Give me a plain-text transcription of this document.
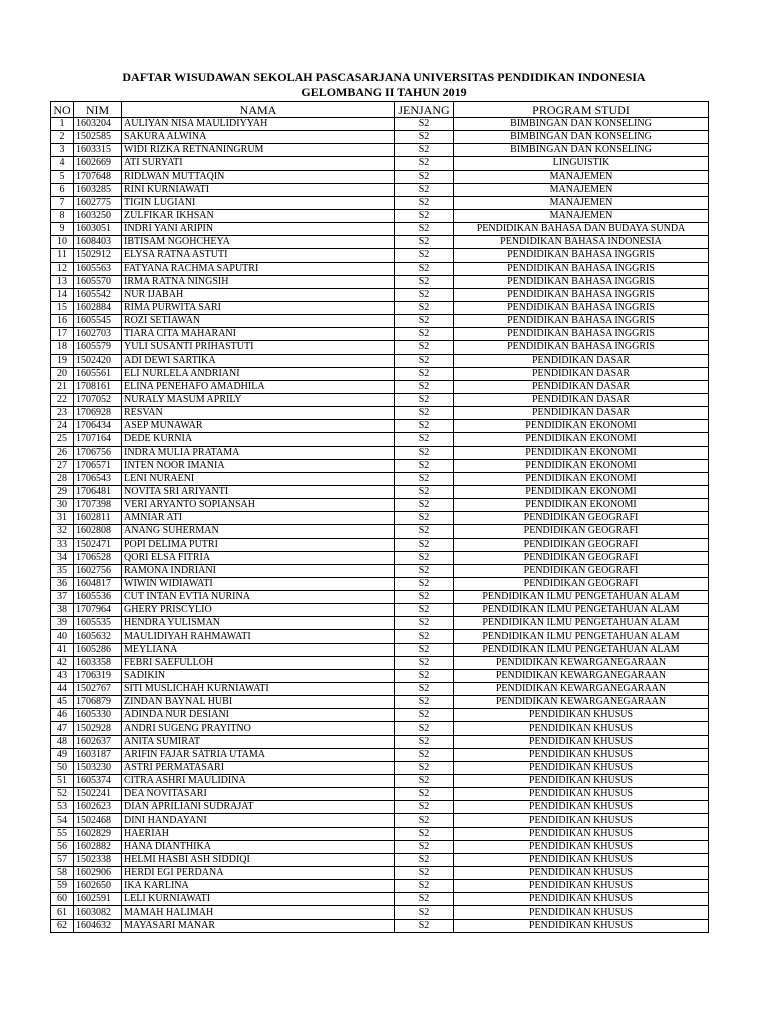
DAFTAR WISUDAWAN SEKOLAH PASCASARJANA UNIVERSITAS PENDIDIKAN INDONESIA
GELOMBANG II TAHUN 2019
NO	NIM	NAMA	JENJANG	PROGRAM STUDI
1	1603204	AULIYAN NISA MAULIDIYYAH	S2	BIMBINGAN DAN KONSELING
2	1502585	SAKURA ALWINA	S2	BIMBINGAN DAN KONSELING
3	1603315	WIDI RIZKA RETNANINGRUM	S2	BIMBINGAN DAN KONSELING
4	1602669	ATI SURYATI	S2	LINGUISTIK
5	1707648	RIDLWAN MUTTAQIN	S2	MANAJEMEN
6	1603285	RINI KURNIAWATI	S2	MANAJEMEN
7	1602775	TIGIN LUGIANI	S2	MANAJEMEN
8	1603250	ZULFIKAR IKHSAN	S2	MANAJEMEN
9	1603051	INDRI YANI ARIPIN	S2	PENDIDIKAN BAHASA DAN BUDAYA SUNDA
10	1608403	IBTISAM NGOHCHEYA	S2	PENDIDIKAN BAHASA INDONESIA
11	1502912	ELYSA RATNA ASTUTI	S2	PENDIDIKAN BAHASA INGGRIS
12	1605563	FATYANA RACHMA SAPUTRI	S2	PENDIDIKAN BAHASA INGGRIS
13	1605570	IRMA RATNA NINGSIH	S2	PENDIDIKAN BAHASA INGGRIS
14	1605542	NUR IJABAH	S2	PENDIDIKAN BAHASA INGGRIS
15	1602884	RIMA PURWITA SARI	S2	PENDIDIKAN BAHASA INGGRIS
16	1605545	ROZI SETIAWAN	S2	PENDIDIKAN BAHASA INGGRIS
17	1602703	TIARA CITA MAHARANI	S2	PENDIDIKAN BAHASA INGGRIS
18	1605579	YULI SUSANTI PRIHASTUTI	S2	PENDIDIKAN BAHASA INGGRIS
19	1502420	ADI DEWI SARTIKA	S2	PENDIDIKAN DASAR
20	1605561	ELI NURLELA ANDRIANI	S2	PENDIDIKAN DASAR
21	1708161	ELINA PENEHAFO AMADHILA	S2	PENDIDIKAN DASAR
22	1707052	NURALY MASUM APRILY	S2	PENDIDIKAN DASAR
23	1706928	RESVAN	S2	PENDIDIKAN DASAR
24	1706434	ASEP MUNAWAR	S2	PENDIDIKAN EKONOMI
25	1707164	DEDE KURNIA	S2	PENDIDIKAN EKONOMI
26	1706756	INDRA MULIA PRATAMA	S2	PENDIDIKAN EKONOMI
27	1706571	INTEN NOOR IMANIA	S2	PENDIDIKAN EKONOMI
28	1706543	LENI NURAENI	S2	PENDIDIKAN EKONOMI
29	1706481	NOVITA SRI ARIYANTI	S2	PENDIDIKAN EKONOMI
30	1707398	VERI ARYANTO SOPIANSAH	S2	PENDIDIKAN EKONOMI
31	1602811	AMNIAR ATI	S2	PENDIDIKAN GEOGRAFI
32	1602808	ANANG SUHERMAN	S2	PENDIDIKAN GEOGRAFI
33	1502471	POPI DELIMA PUTRI	S2	PENDIDIKAN GEOGRAFI
34	1706528	QORI ELSA FITRIA	S2	PENDIDIKAN GEOGRAFI
35	1602756	RAMONA INDRIANI	S2	PENDIDIKAN GEOGRAFI
36	1604817	WIWIN WIDIAWATI	S2	PENDIDIKAN GEOGRAFI
37	1605536	CUT INTAN EVTIA NURINA	S2	PENDIDIKAN ILMU PENGETAHUAN ALAM
38	1707964	GHERY PRISCYLIO	S2	PENDIDIKAN ILMU PENGETAHUAN ALAM
39	1605535	HENDRA YULISMAN	S2	PENDIDIKAN ILMU PENGETAHUAN ALAM
40	1605632	MAULIDIYAH RAHMAWATI	S2	PENDIDIKAN ILMU PENGETAHUAN ALAM
41	1605286	MEYLIANA	S2	PENDIDIKAN ILMU PENGETAHUAN ALAM
42	1603358	FEBRI SAEFULLOH	S2	PENDIDIKAN KEWARGANEGARAAN
43	1706319	SADIKIN	S2	PENDIDIKAN KEWARGANEGARAAN
44	1502767	SITI MUSLICHAH KURNIAWATI	S2	PENDIDIKAN KEWARGANEGARAAN
45	1706879	ZINDAN BAYNAL HUBI	S2	PENDIDIKAN KEWARGANEGARAAN
46	1605330	ADINDA NUR DESIANI	S2	PENDIDIKAN KHUSUS
47	1502928	ANDRI SUGENG PRAYITNO	S2	PENDIDIKAN KHUSUS
48	1602637	ANITA SUMIRAT	S2	PENDIDIKAN KHUSUS
49	1603187	ARIFIN FAJAR SATRIA UTAMA	S2	PENDIDIKAN KHUSUS
50	1503230	ASTRI PERMATASARI	S2	PENDIDIKAN KHUSUS
51	1605374	CITRA ASHRI MAULIDINA	S2	PENDIDIKAN KHUSUS
52	1502241	DEA NOVITASARI	S2	PENDIDIKAN KHUSUS
53	1602623	DIAN APRILIANI SUDRAJAT	S2	PENDIDIKAN KHUSUS
54	1502468	DINI HANDAYANI	S2	PENDIDIKAN KHUSUS
55	1602829	HAERIAH	S2	PENDIDIKAN KHUSUS
56	1602882	HANA DIANTHIKA	S2	PENDIDIKAN KHUSUS
57	1502338	HELMI HASBI ASH SIDDIQI	S2	PENDIDIKAN KHUSUS
58	1602906	HERDI EGI PERDANA	S2	PENDIDIKAN KHUSUS
59	1602650	IKA KARLINA	S2	PENDIDIKAN KHUSUS
60	1602591	LELI KURNIAWATI	S2	PENDIDIKAN KHUSUS
61	1603082	MAMAH HALIMAH	S2	PENDIDIKAN KHUSUS
62	1604632	MAYASARI MANAR	S2	PENDIDIKAN KHUSUS
